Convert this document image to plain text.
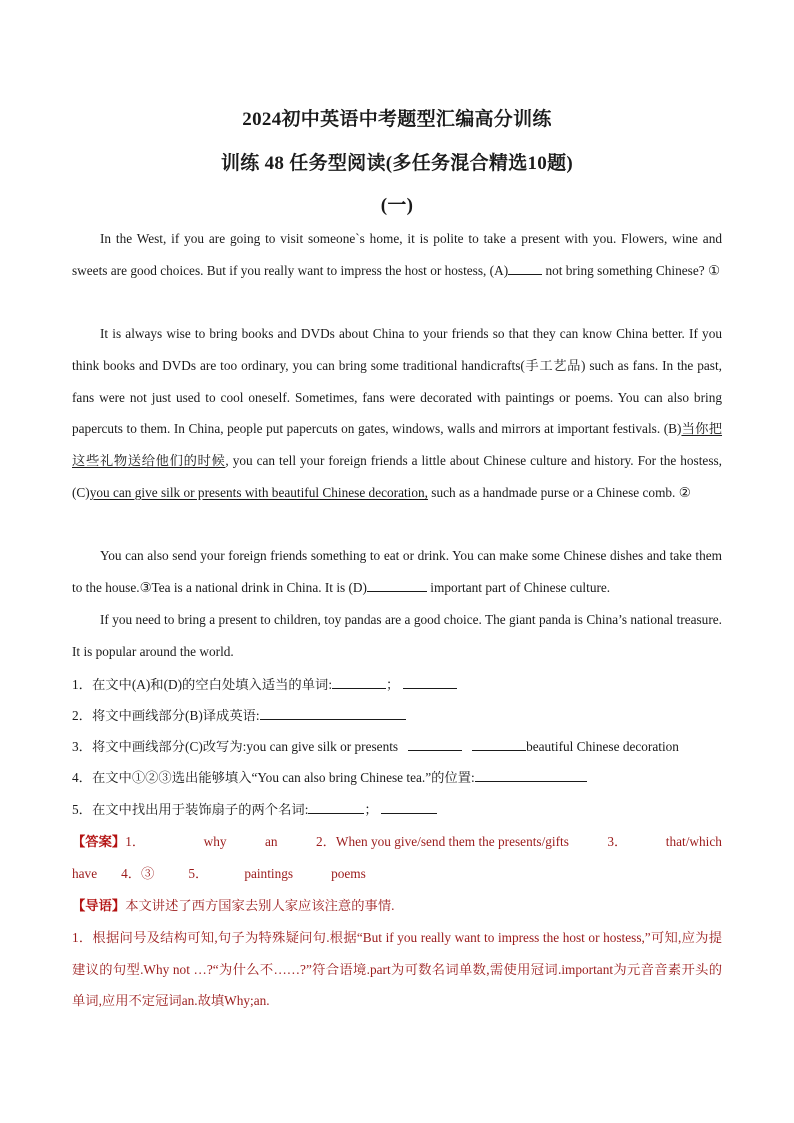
2024初中英语中考题型汇编高分训练
训练 48 任务型阅读(多任务混合精选10题)
(一)

In the West, if you are going to visit someone`s home, it is polite to take a present with you. Flowers, wine and sweets are good choices. But if you really want to impress the host or hostess, (A)	not bring something Chinese? ①

It is always wise to bring books and DVDs about China to your friends so that they can know China better. If you think books and DVDs are too ordinary, you can bring some traditional handicrafts(手工艺品) such as fans. In the past, fans were not just used to cool oneself. Sometimes, fans were decorated with paintings or poems. You can also bring papercuts to them. In China, people put papercuts on gates, windows, walls and mirrors at important festivals. (B)当你把这些礼物送给他们的时候, you can tell your foreign friends a little about Chinese culture and history. For the hostess, (C)you can give silk or presents with beautiful Chinese decoration, such as a handmade purse or a Chinese comb. ②

You can also send your foreign friends something to eat or drink. You can make some Chinese dishes and take them to the house.③Tea is a national drink in China. It is (D)	important part of Chinese culture.

If you need to bring a present to children, toy pandas are a good choice. The giant panda is China’s national treasure. It is popular around the world.

1．在文中(A)和(D)的空白处填入适当的单词:	；
2．将文中画线部分(B)译成英语:
3．将文中画线部分(C)改写为:you can give silk or presents	beautiful Chinese decoration
4．在文中①②③选出能够填入“You can also bring Chinese tea.”的位置:
5．在文中找出用于装饰扇子的两个名词:	；
【答案】1．	why	an	2．When you give/send them the presents/gifts	3．	that/which
have 4．③	5．	paintings	poems
【导语】本文讲述了西方国家去别人家应该注意的事情.

1．根据问号及结构可知,句子为特殊疑问句.根据“But if you really want to impress the host or hostess,”可知,应为提建议的句型.Why not …?“为什么不……?”符合语境.part为可数名词单数,需使用冠词.important为元音音素开头的单词,应用不定冠词an.故填Why;an.
